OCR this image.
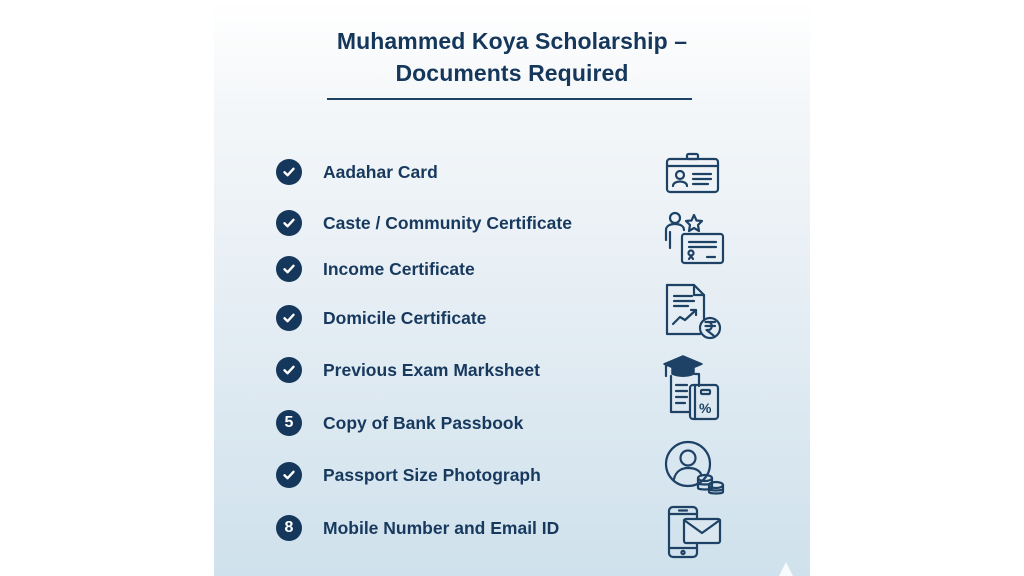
Muhammed Koya Scholarship –
Documents Required
Aadahar Card
Caste / Community Certificate
Income Certificate
Domicile Certificate
Previous Exam Marksheet
5 Copy of Bank Passbook
Passport Size Photograph
8 Mobile Number and Email ID
%
